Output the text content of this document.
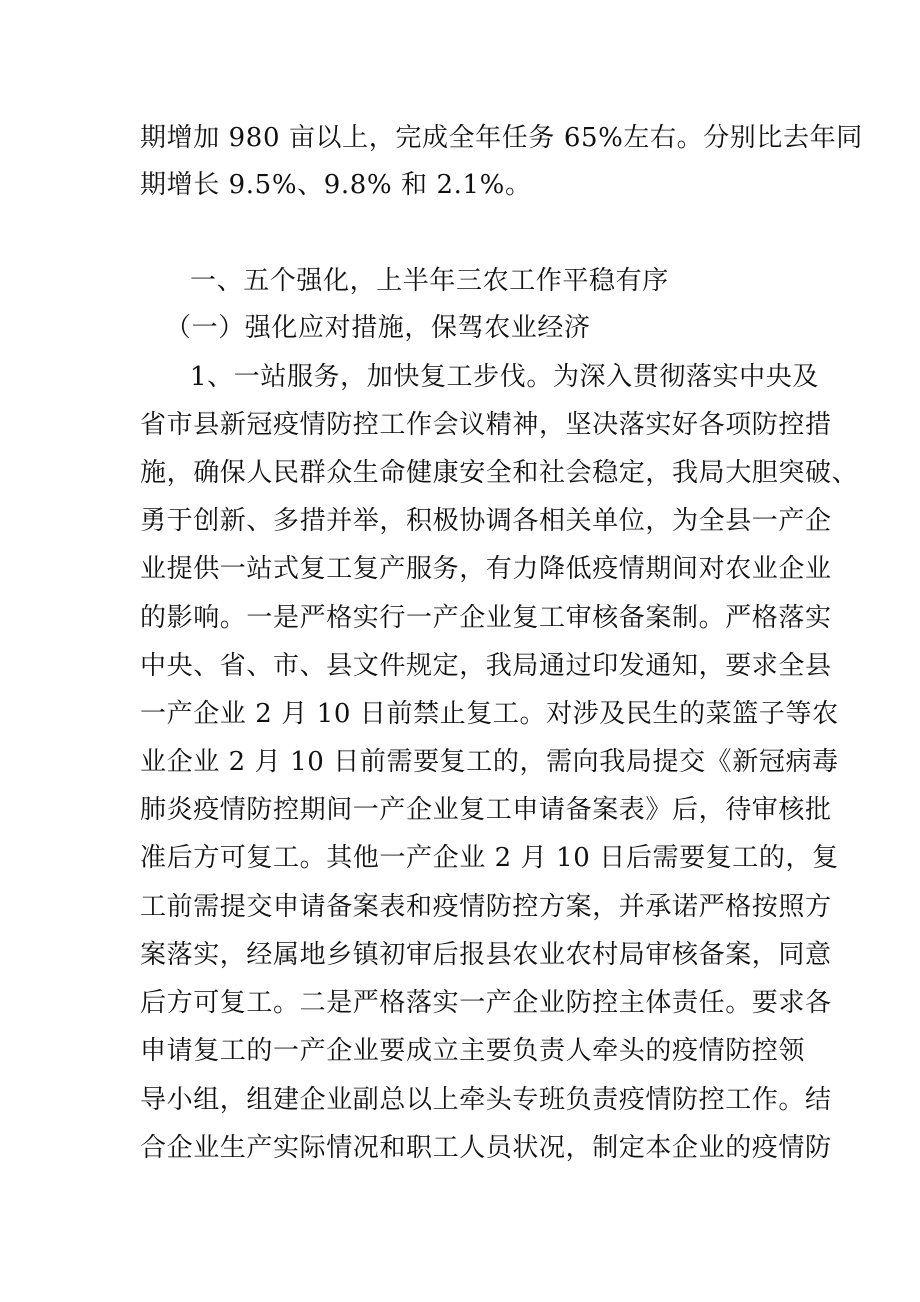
期增加 980 亩以上，完成全年任务 65%左右。分别比去年同
期增长 9.5%、9.8% 和 2.1%。
一、五个强化，上半年三农工作平稳有序
（一）强化应对措施，保驾农业经济
1、一站服务，加快复工步伐。为深入贯彻落实中央及
省市县新冠疫情防控工作会议精神，坚决落实好各项防控措
施，确保人民群众生命健康安全和社会稳定，我局大胆突破、
勇于创新、多措并举，积极协调各相关单位，为全县一产企
业提供一站式复工复产服务，有力降低疫情期间对农业企业
的影响。一是严格实行一产企业复工审核备案制。严格落实
中央、省、市、县文件规定，我局通过印发通知，要求全县
一产企业 2 月 10 日前禁止复工。对涉及民生的菜篮子等农
业企业 2 月 10 日前需要复工的，需向我局提交《新冠病毒
肺炎疫情防控期间一产企业复工申请备案表》后，待审核批
准后方可复工。其他一产企业 2 月 10 日后需要复工的，复
工前需提交申请备案表和疫情防控方案，并承诺严格按照方
案落实，经属地乡镇初审后报县农业农村局审核备案，同意
后方可复工。二是严格落实一产企业防控主体责任。要求各
申请复工的一产企业要成立主要负责人牵头的疫情防控领
导小组，组建企业副总以上牵头专班负责疫情防控工作。结
合企业生产实际情况和职工人员状况，制定本企业的疫情防
